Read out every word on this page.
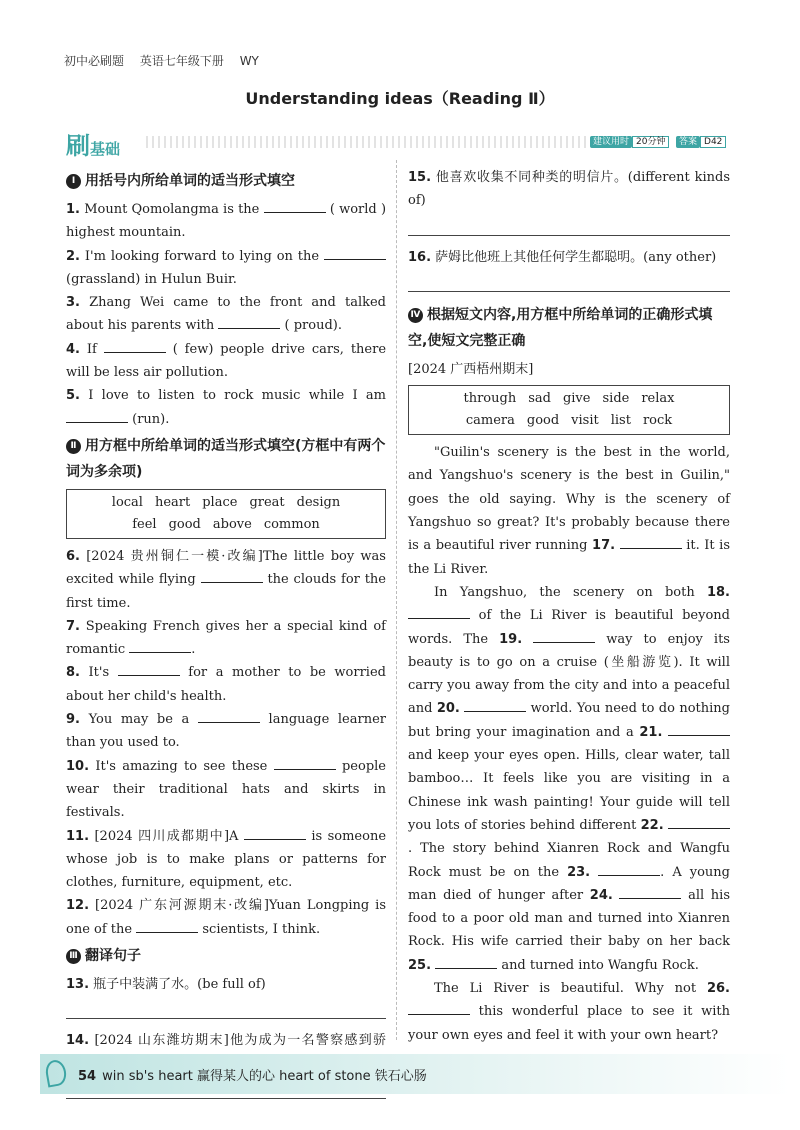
初中必刷题 英语七年级下册 WY
Understanding ideas（Reading Ⅱ）
刷基础	建议用时 20分钟	答案 D42
Ⅰ 用括号内所给单词的适当形式填空

1. Mount Qomolangma is the	( world ) highest mountain.

2. I'm looking forward to lying on the  (grassland) in Hulun Buir.

3. Zhang Wei came to the front and talked about his parents with	( proud).

4. If	( few) people drive cars, there will be less air pollution.

5. I love to listen to rock music while I am  (run).

Ⅱ 用方框中所给单词的适当形式填空(方框中有两个词为多余项)
local heart place great design
feel good above common

6. [2024 贵州铜仁一模·改编]The little boy was excited while flying	the clouds for the first time.

7. Speaking French gives her a special kind of romantic	.

8. It's	for a mother to be worried about her child's health.

9. You may be a	language learner than you used to.

10. It's amazing to see these	people wear their traditional hats and skirts in festivals.

11. [2024 四川成都期中]A	is someone whose job is to make plans or patterns for clothes, furniture, equipment, etc.

12. [2024 广东河源期末·改编]Yuan Longping is one of the	scientists, I think.

Ⅲ 翻译句子

13. 瓶子中装满了水。(be full of)

14. [2024 山东潍坊期末]他为成为一名警察感到骄

15. 他喜欢收集不同种类的明信片。(different kinds of)

16. 萨姆比他班上其他任何学生都聪明。(any other)

Ⅳ 根据短文内容,用方框中所给单词的正确形式填空,使短文完整正确
[2024 广西梧州期末]
through sad give side relax
camera good visit list rock

"Guilin's scenery is the best in the world, and Yangshuo's scenery is the best in Guilin," goes the old saying. Why is the scenery of Yangshuo so great? It's probably because there is a beautiful river running 17.	it. It is the Li River.

In Yangshuo, the scenery on both 18.  of the Li River is beautiful beyond words. The 19.	way to enjoy its beauty is to go on a cruise (坐船游览). It will carry you away from the city and into a peaceful and 20.	world. You need to do nothing but bring your imagination and a 21.  and keep your eyes open. Hills, clear water, tall bamboo… It feels like you are visiting in a Chinese ink wash painting! Your guide will tell you lots of stories behind different 22. . The story behind Xianren Rock and Wangfu Rock must be on the 23.	. A young man died of hunger after 24.	all his food to a poor old man and turned into Xianren Rock. His wife carried their baby on her back 25.	and turned into Wangfu Rock.

The Li River is beautiful. Why not 26.  this wonderful place to see it with your own eyes and feel it with your own heart?

54 win sb's heart 赢得某人的心 heart of stone 铁石心肠
